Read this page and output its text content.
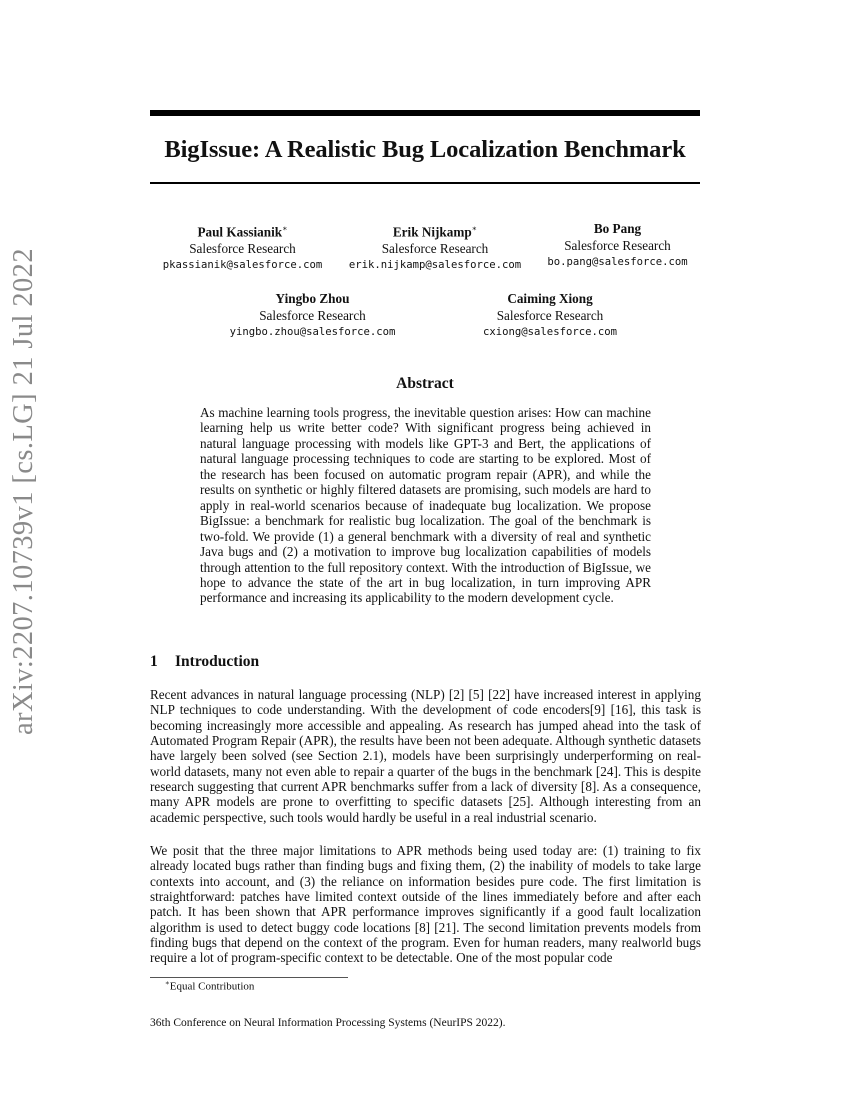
arXiv:2207.10739v1 [cs.LG] 21 Jul 2022
BigIssue: A Realistic Bug Localization Benchmark
Paul Kassianik∗
Salesforce Research
pkassianik@salesforce.com
Erik Nijkamp∗
Salesforce Research
erik.nijkamp@salesforce.com
Bo Pang
Salesforce Research
bo.pang@salesforce.com
Yingbo Zhou
Salesforce Research
yingbo.zhou@salesforce.com
Caiming Xiong
Salesforce Research
cxiong@salesforce.com
Abstract
As machine learning tools progress, the inevitable question arises: How can machine learning help us write better code? With significant progress being achieved in natural language processing with models like GPT-3 and Bert, the applications of natural language processing techniques to code are starting to be explored. Most of the research has been focused on automatic program repair (APR), and while the results on synthetic or highly filtered datasets are promising, such models are hard to apply in real-world scenarios because of inadequate bug localization. We propose BigIssue: a benchmark for realistic bug localization. The goal of the benchmark is two-fold. We provide (1) a general benchmark with a diversity of real and synthetic Java bugs and (2) a motivation to improve bug localization capabilities of models through attention to the full repository context. With the introduction of BigIssue, we hope to advance the state of the art in bug localization, in turn improving APR performance and increasing its applicability to the modern development cycle.
1 Introduction
Recent advances in natural language processing (NLP) [2] [5] [22] have increased interest in applying NLP techniques to code understanding. With the development of code encoders[9] [16], this task is becoming increasingly more accessible and appealing. As research has jumped ahead into the task of Automated Program Repair (APR), the results have been not been adequate. Although synthetic datasets have largely been solved (see Section 2.1), models have been surprisingly underperforming on real-world datasets, many not even able to repair a quarter of the bugs in the benchmark [24]. This is despite research suggesting that current APR benchmarks suffer from a lack of diversity [8]. As a consequence, many APR models are prone to overfitting to specific datasets [25]. Although interesting from an academic perspective, such tools would hardly be useful in a real industrial scenario.
We posit that the three major limitations to APR methods being used today are: (1) training to fix already located bugs rather than finding bugs and fixing them, (2) the inability of models to take large contexts into account, and (3) the reliance on information besides pure code. The first limitation is straightforward: patches have limited context outside of the lines immediately before and after each patch. It has been shown that APR performance improves significantly if a good fault localization algorithm is used to detect buggy code locations [8] [21]. The second limitation prevents models from finding bugs that depend on the context of the program. Even for human readers, many realworld bugs require a lot of program-specific context to be detectable. One of the most popular code
∗Equal Contribution
36th Conference on Neural Information Processing Systems (NeurIPS 2022).
